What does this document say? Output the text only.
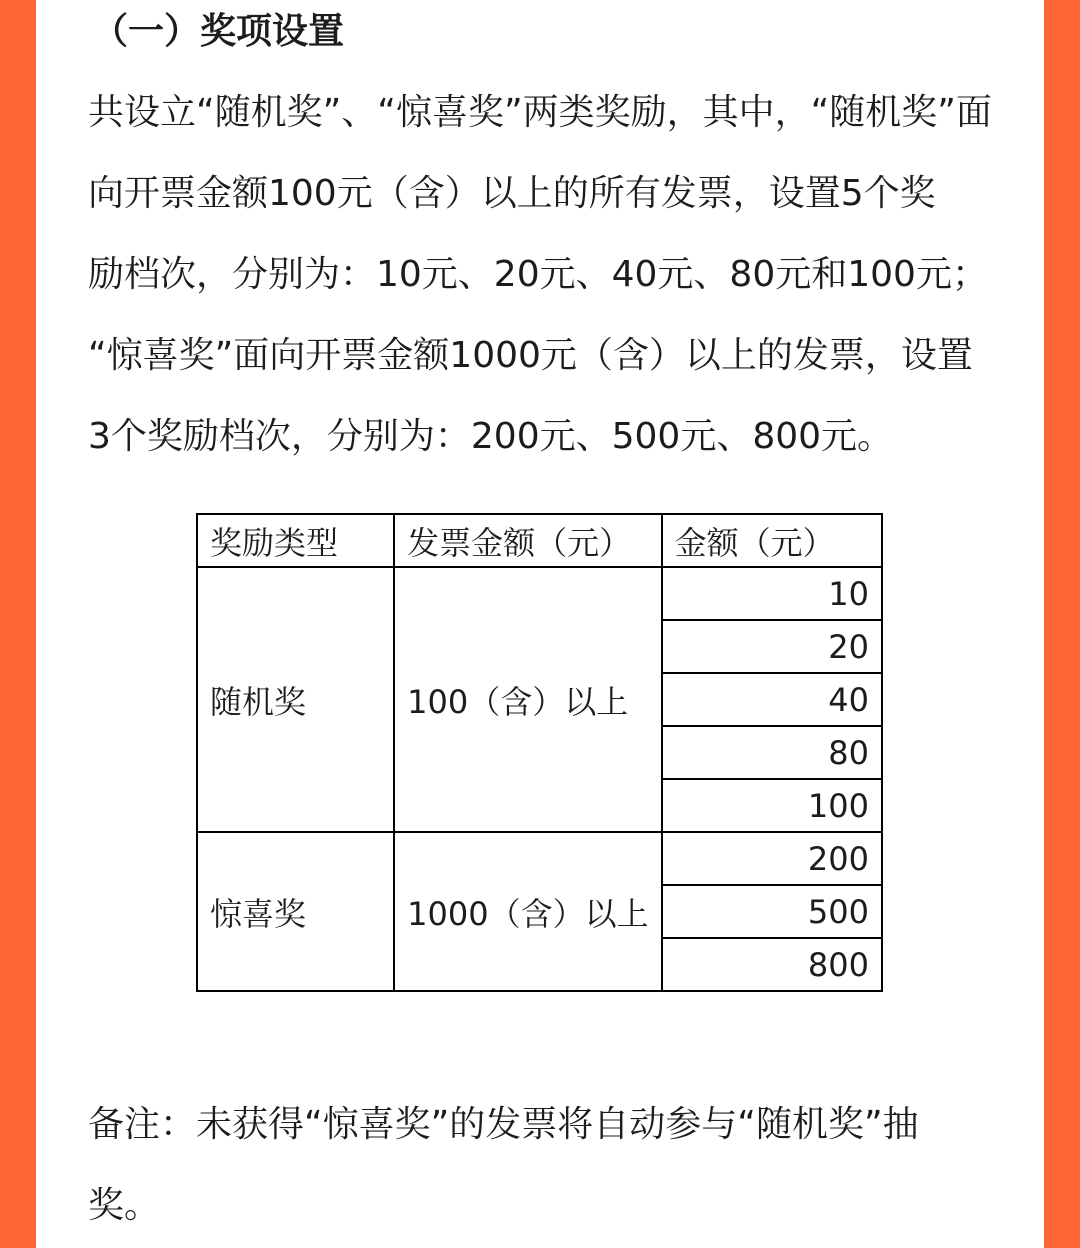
（一）奖项设置
共设立“随机奖”、“惊喜奖”两类奖励，其中，“随机奖”面
向开票金额100元（含）以上的所有发票，设置5个奖
励档次，分别为：10元、20元、40元、80元和100元；
“惊喜奖”面向开票金额1000元（含）以上的发票，设置
3个奖励档次，分别为：200元、500元、800元。
奖励类型	发票金额（元）	金额（元）
随机奖	100（含）以上	10
		20
		40
		80
		100
惊喜奖	1000（含）以上	200
		500
		800
备注：未获得“惊喜奖”的发票将自动参与“随机奖”抽
奖。
